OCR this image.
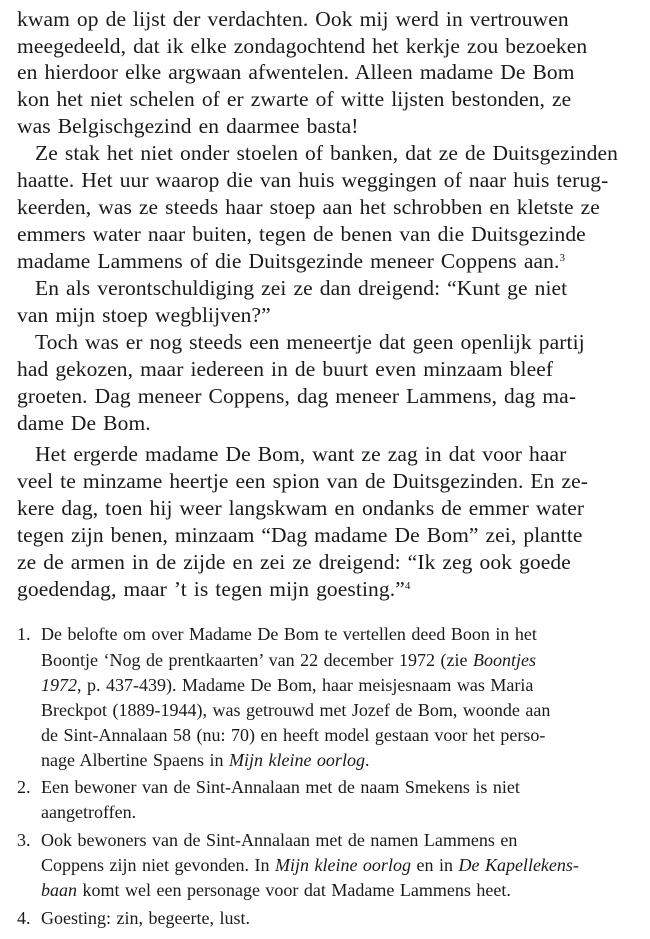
kwam op de lijst der verdachten. Ook mij werd in vertrouwen
meegedeeld, dat ik elke zondagochtend het kerkje zou bezoeken
en hierdoor elke argwaan afwentelen. Alleen madame De Bom
kon het niet schelen of er zwarte of witte lijsten bestonden, ze
was Belgischgezind en daarmee basta!
Ze stak het niet onder stoelen of banken, dat ze de Duitsgezinden
haatte. Het uur waarop die van huis weggingen of naar huis terug-
keerden, was ze steeds haar stoep aan het schrobben en kletste ze
emmers water naar buiten, tegen de benen van die Duitsgezinde
madame Lammens of die Duitsgezinde meneer Coppens aan.$^3$
En als verontschuldiging zei ze dan dreigend: “Kunt ge niet
van mijn stoep wegblijven?”
Toch was er nog steeds een meneertje dat geen openlijk partij
had gekozen, maar iedereen in de buurt even minzaam bleef
groeten. Dag meneer Coppens, dag meneer Lammens, dag ma-
dame De Bom.
Het ergerde madame De Bom, want ze zag in dat voor haar
veel te minzame heertje een spion van de Duitsgezinden. En ze-
kere dag, toen hij weer langskwam en ondanks de emmer water
tegen zijn benen, minzaam “Dag madame De Bom” zei, plantte
ze de armen in de zijde en zei ze dreigend: “Ik zeg ook goede
goedendag, maar ’t is tegen mijn goesting.”$^4$
1. De belofte om over Madame De Bom te vertellen deed Boon in het
Boontje ‘Nog de prentkaarten’ van 22 december 1972 (zie Boontjes
1972, p. 437-439). Madame De Bom, haar meisjesnaam was Maria
Breckpot (1889-1944), was getrouwd met Jozef de Bom, woonde aan
de Sint-Annalaan 58 (nu: 70) en heeft model gestaan voor het perso-
nage Albertine Spaens in Mijn kleine oorlog.
2. Een bewoner van de Sint-Annalaan met de naam Smekens is niet
aangetroffen.
3. Ook bewoners van de Sint-Annalaan met de namen Lammens en
Coppens zijn niet gevonden. In Mijn kleine oorlog en in De Kapellekens-
baan komt wel een personage voor dat Madame Lammens heet.
4. Goesting: zin, begeerte, lust.
